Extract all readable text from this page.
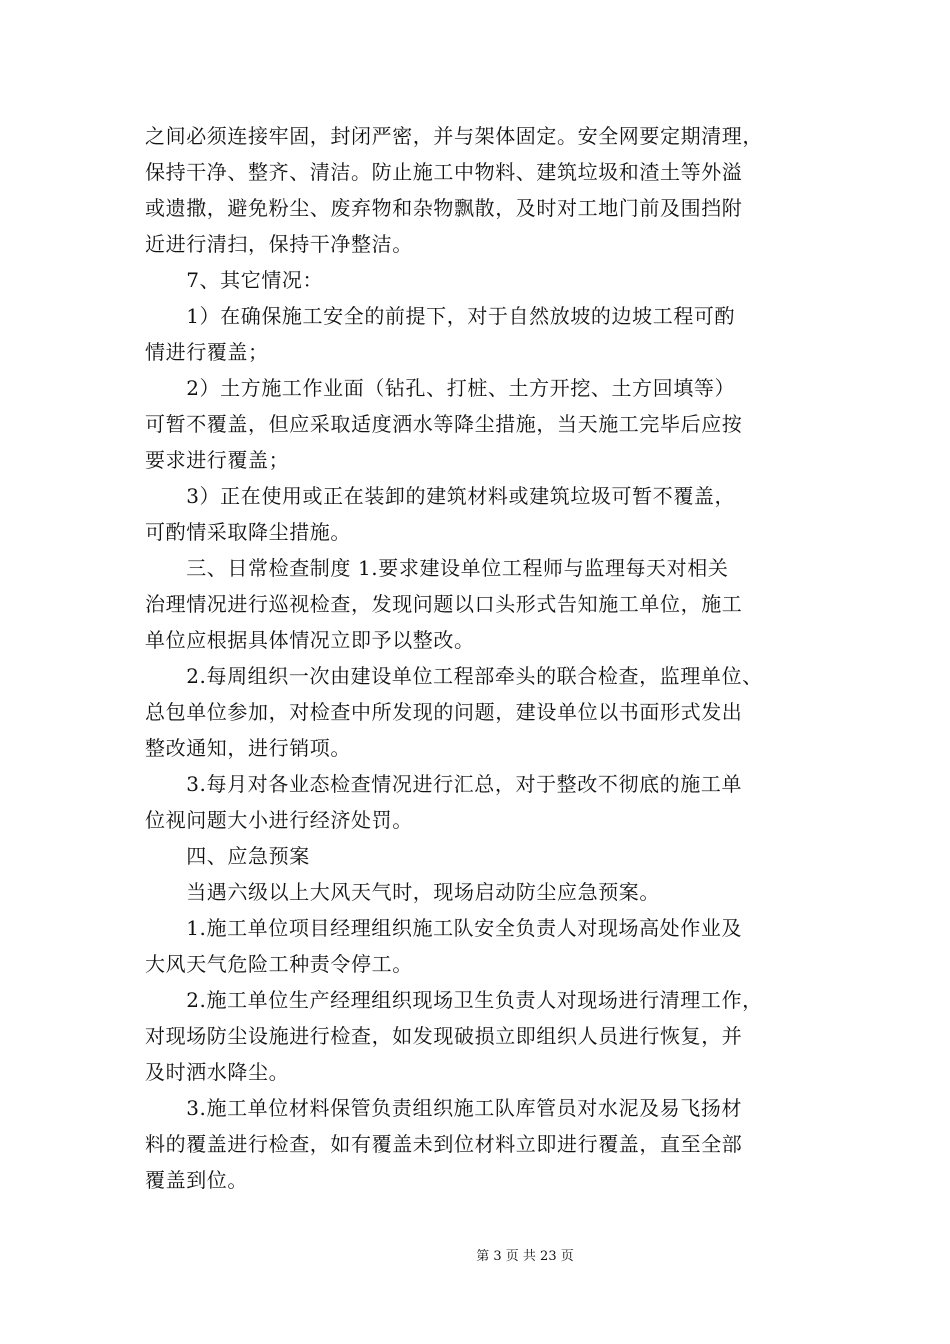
之间必须连接牢固，封闭严密，并与架体固定。安全网要定期清理，
保持干净、整齐、清洁。防止施工中物料、建筑垃圾和渣土等外溢
或遗撒，避免粉尘、废弃物和杂物飘散，及时对工地门前及围挡附
近进行清扫，保持干净整洁。

　　7、其它情况：

　　1）在确保施工安全的前提下，对于自然放坡的边坡工程可酌
情进行覆盖；

　　2）土方施工作业面（钻孔、打桩、土方开挖、土方回填等）
可暂不覆盖，但应采取适度洒水等降尘措施，当天施工完毕后应按
要求进行覆盖；

　　3）正在使用或正在装卸的建筑材料或建筑垃圾可暂不覆盖，
可酌情采取降尘措施。

　　三、日常检查制度 1.要求建设单位工程师与监理每天对相关
治理情况进行巡视检查，发现问题以口头形式告知施工单位，施工
单位应根据具体情况立即予以整改。

　　2.每周组织一次由建设单位工程部牵头的联合检查，监理单位、
总包单位参加，对检查中所发现的问题，建设单位以书面形式发出
整改通知，进行销项。

　　3.每月对各业态检查情况进行汇总，对于整改不彻底的施工单
位视问题大小进行经济处罚。

　　四、应急预案

　　当遇六级以上大风天气时，现场启动防尘应急预案。

　　1.施工单位项目经理组织施工队安全负责人对现场高处作业及
大风天气危险工种责令停工。

　　2.施工单位生产经理组织现场卫生负责人对现场进行清理工作，
对现场防尘设施进行检查，如发现破损立即组织人员进行恢复，并
及时洒水降尘。

　　3.施工单位材料保管负责组织施工队库管员对水泥及易飞扬材
料的覆盖进行检查，如有覆盖未到位材料立即进行覆盖，直至全部
覆盖到位。

第 3 页 共 23 页
